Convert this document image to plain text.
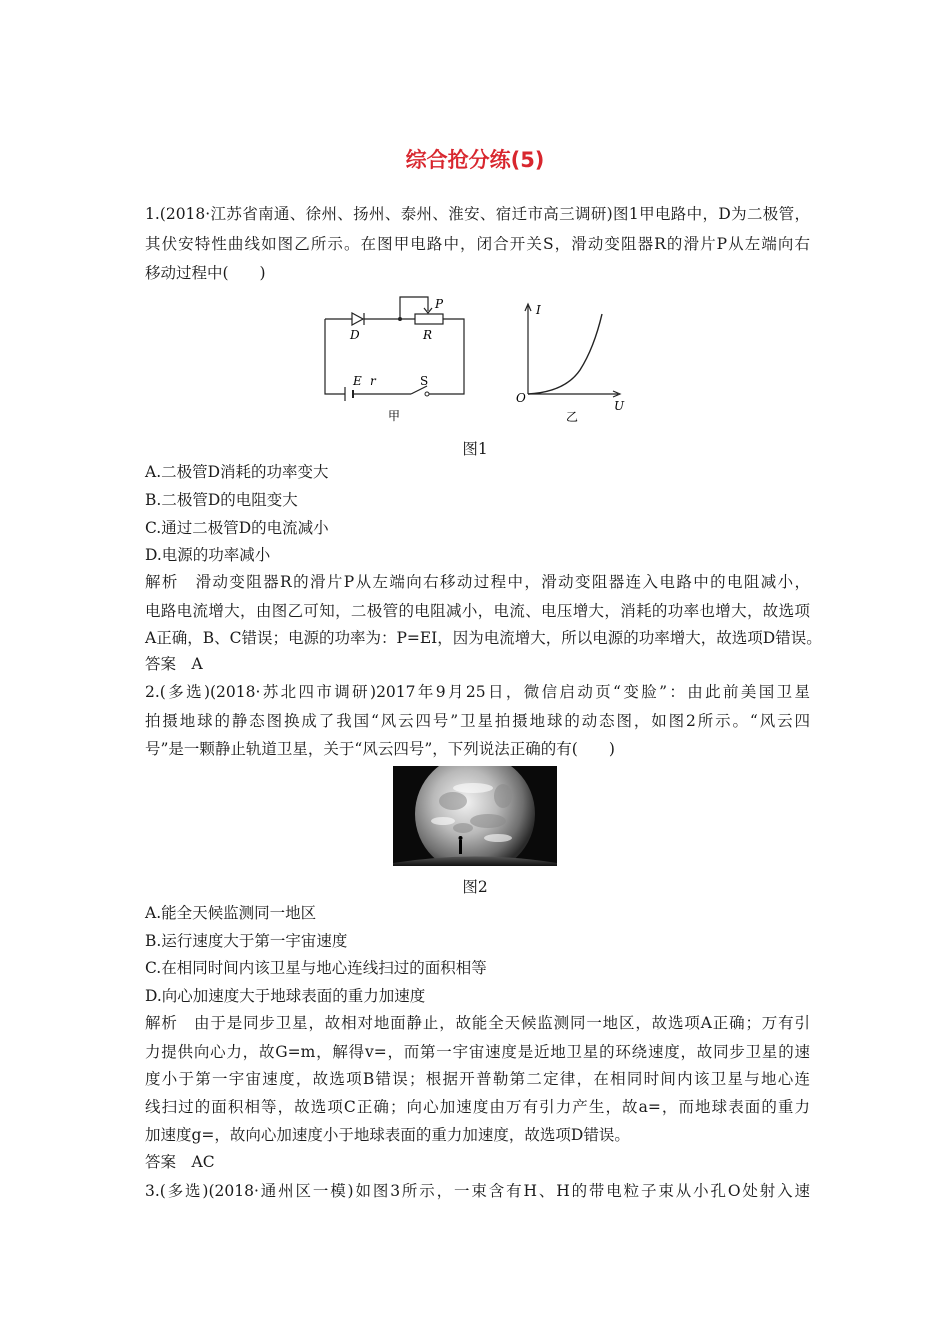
综合抢分练(5)
1.(2018·江苏省南通、徐州、扬州、泰州、淮安、宿迁市高三调研)图1甲电路中，D为二极管，
其伏安特性曲线如图乙所示。在图甲电路中，闭合开关S，滑动变阻器R的滑片P从左端向右
移动过程中(　　)
D
P
R
E r	S
甲
I
O
U
乙
图1
A.二极管D消耗的功率变大
B.二极管D的电阻变大
C.通过二极管D的电流减小
D.电源的功率减小
解析　滑动变阻器R的滑片P从左端向右移动过程中，滑动变阻器连入电路中的电阻减小，
电路电流增大，由图乙可知，二极管的电阻减小，电流、电压增大，消耗的功率也增大，故选项
A正确，B、C错误；电源的功率为：P=EI，因为电流增大，所以电源的功率增大，故选项D错误。
答案　A
2.(多选)(2018·苏北四市调研)2017年9月25日，微信启动页“变脸”：由此前美国卫星
拍摄地球的静态图换成了我国“风云四号”卫星拍摄地球的动态图，如图2所示。“风云四
号”是一颗静止轨道卫星，关于“风云四号”，下列说法正确的有(　　)
图2
A.能全天候监测同一地区
B.运行速度大于第一宇宙速度
C.在相同时间内该卫星与地心连线扫过的面积相等
D.向心加速度大于地球表面的重力加速度
解析　由于是同步卫星，故相对地面静止，故能全天候监测同一地区，故选项A正确；万有引
力提供向心力，故G=m，解得v=，而第一宇宙速度是近地卫星的环绕速度，故同步卫星的速
度小于第一宇宙速度，故选项B错误；根据开普勒第二定律，在相同时间内该卫星与地心连
线扫过的面积相等，故选项C正确；向心加速度由万有引力产生，故a=，而地球表面的重力
加速度g=，故向心加速度小于地球表面的重力加速度，故选项D错误。
答案　AC
3.(多选)(2018·通州区一模)如图3所示，一束含有H、H的带电粒子束从小孔O处射入速
